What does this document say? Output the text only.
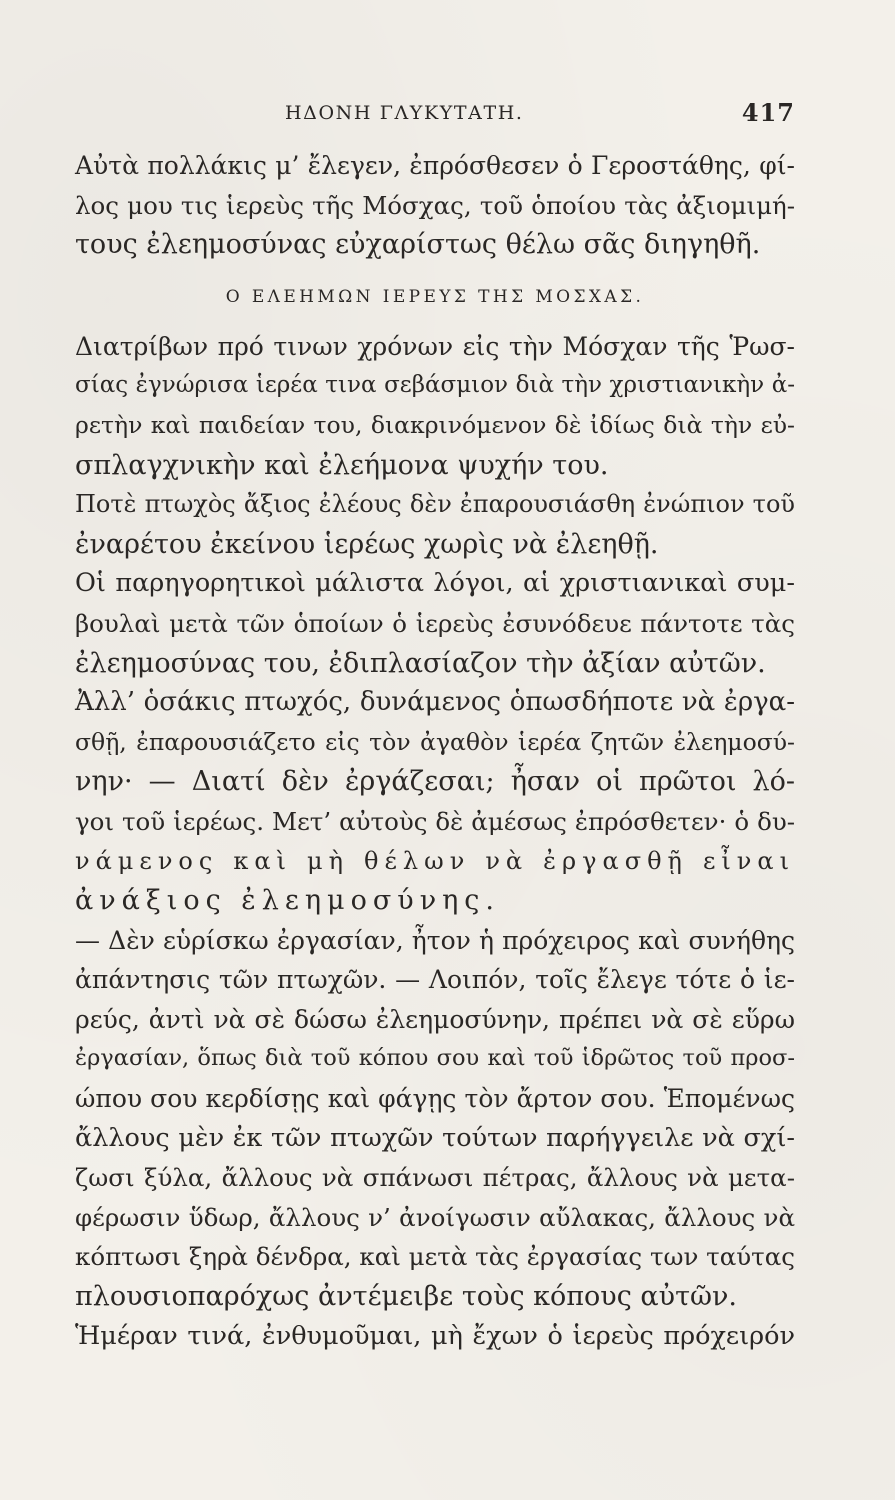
ΗΔΟΝΗ ΓΛΥΚΥΤΑΤΗ.	417
Αὐτὰ πολλάκις μ’ ἔλεγεν, ἐπρόσθεσεν ὁ Γεροστάθης, φί-
λος μου τις ἱερεὺς τῆς Μόσχας, τοῦ ὁποίου τὰς ἀξιομιμή-
τους ἐλεημοσύνας εὐχαρίστως θέλω σᾶς διηγηθῆ.
Ο ΕΛΕΗΜΩΝ ΙΕΡΕΥΣ ΤΗΣ ΜΟΣΧΑΣ.
Διατρίβων πρό τινων χρόνων εἰς τὴν Μόσχαν τῆς Ῥωσ-
σίας ἐγνώρισα ἱερέα τινα σεβάσμιον διὰ τὴν χριστιανικὴν ἀ-
ρετὴν καὶ παιδείαν του, διακρινόμενον δὲ ἰδίως διὰ τὴν εὐ-
σπλαγχνικὴν καὶ ἐλεήμονα ψυχήν του.
Ποτὲ πτωχὸς ἄξιος ἐλέους δὲν ἐπαρουσιάσθη ἐνώπιον τοῦ
ἐναρέτου ἐκείνου ἱερέως χωρὶς νὰ ἐλεηθῇ.
Οἱ παρηγορητικοὶ μάλιστα λόγοι, αἱ χριστιανικαὶ συμ-
βουλαὶ μετὰ τῶν ὁποίων ὁ ἱερεὺς ἐσυνόδευε πάντοτε τὰς
ἐλεημοσύνας του, ἐδιπλασίαζον τὴν ἀξίαν αὐτῶν.
Ἀλλ’ ὁσάκις πτωχός, δυνάμενος ὁπωσδήποτε νὰ ἐργα-
σθῇ, ἐπαρουσιάζετο εἰς τὸν ἀγαθὸν ἱερέα ζητῶν ἐλεημοσύ-
νην· — Διατί δὲν ἐργάζεσαι; ἦσαν οἱ πρῶτοι λό-
γοι τοῦ ἱερέως. Μετ’ αὐτοὺς δὲ ἀμέσως ἐπρόσθετεν· ὁ δυ-
νάμενος καὶ μὴ θέλων νὰ ἐργασθῇ εἶναι
ἀνάξιος ἐλεημοσύνης.
— Δὲν εὑρίσκω ἐργασίαν, ἦτον ἡ πρόχειρος καὶ συνήθης
ἀπάντησις τῶν πτωχῶν. — Λοιπόν, τοῖς ἔλεγε τότε ὁ ἱε-
ρεύς, ἀντὶ νὰ σὲ δώσω ἐλεημοσύνην, πρέπει νὰ σὲ εὕρω
ἐργασίαν, ὅπως διὰ τοῦ κόπου σου καὶ τοῦ ἱδρῶτος τοῦ προσ-
ώπου σου κερδίσῃς καὶ φάγῃς τὸν ἄρτον σου. Ἑπομένως
ἄλλους μὲν ἐκ τῶν πτωχῶν τούτων παρήγγειλε νὰ σχί-
ζωσι ξύλα, ἄλλους νὰ σπάνωσι πέτρας, ἄλλους νὰ μετα-
φέρωσιν ὕδωρ, ἄλλους ν’ ἀνοίγωσιν αὔλακας, ἄλλους νὰ
κόπτωσι ξηρὰ δένδρα, καὶ μετὰ τὰς ἐργασίας των ταύτας
πλουσιοπαρόχως ἀντέμειβε τοὺς κόπους αὐτῶν.
Ἡμέραν τινά, ἐνθυμοῦμαι, μὴ ἔχων ὁ ἱερεὺς πρόχειρόν
